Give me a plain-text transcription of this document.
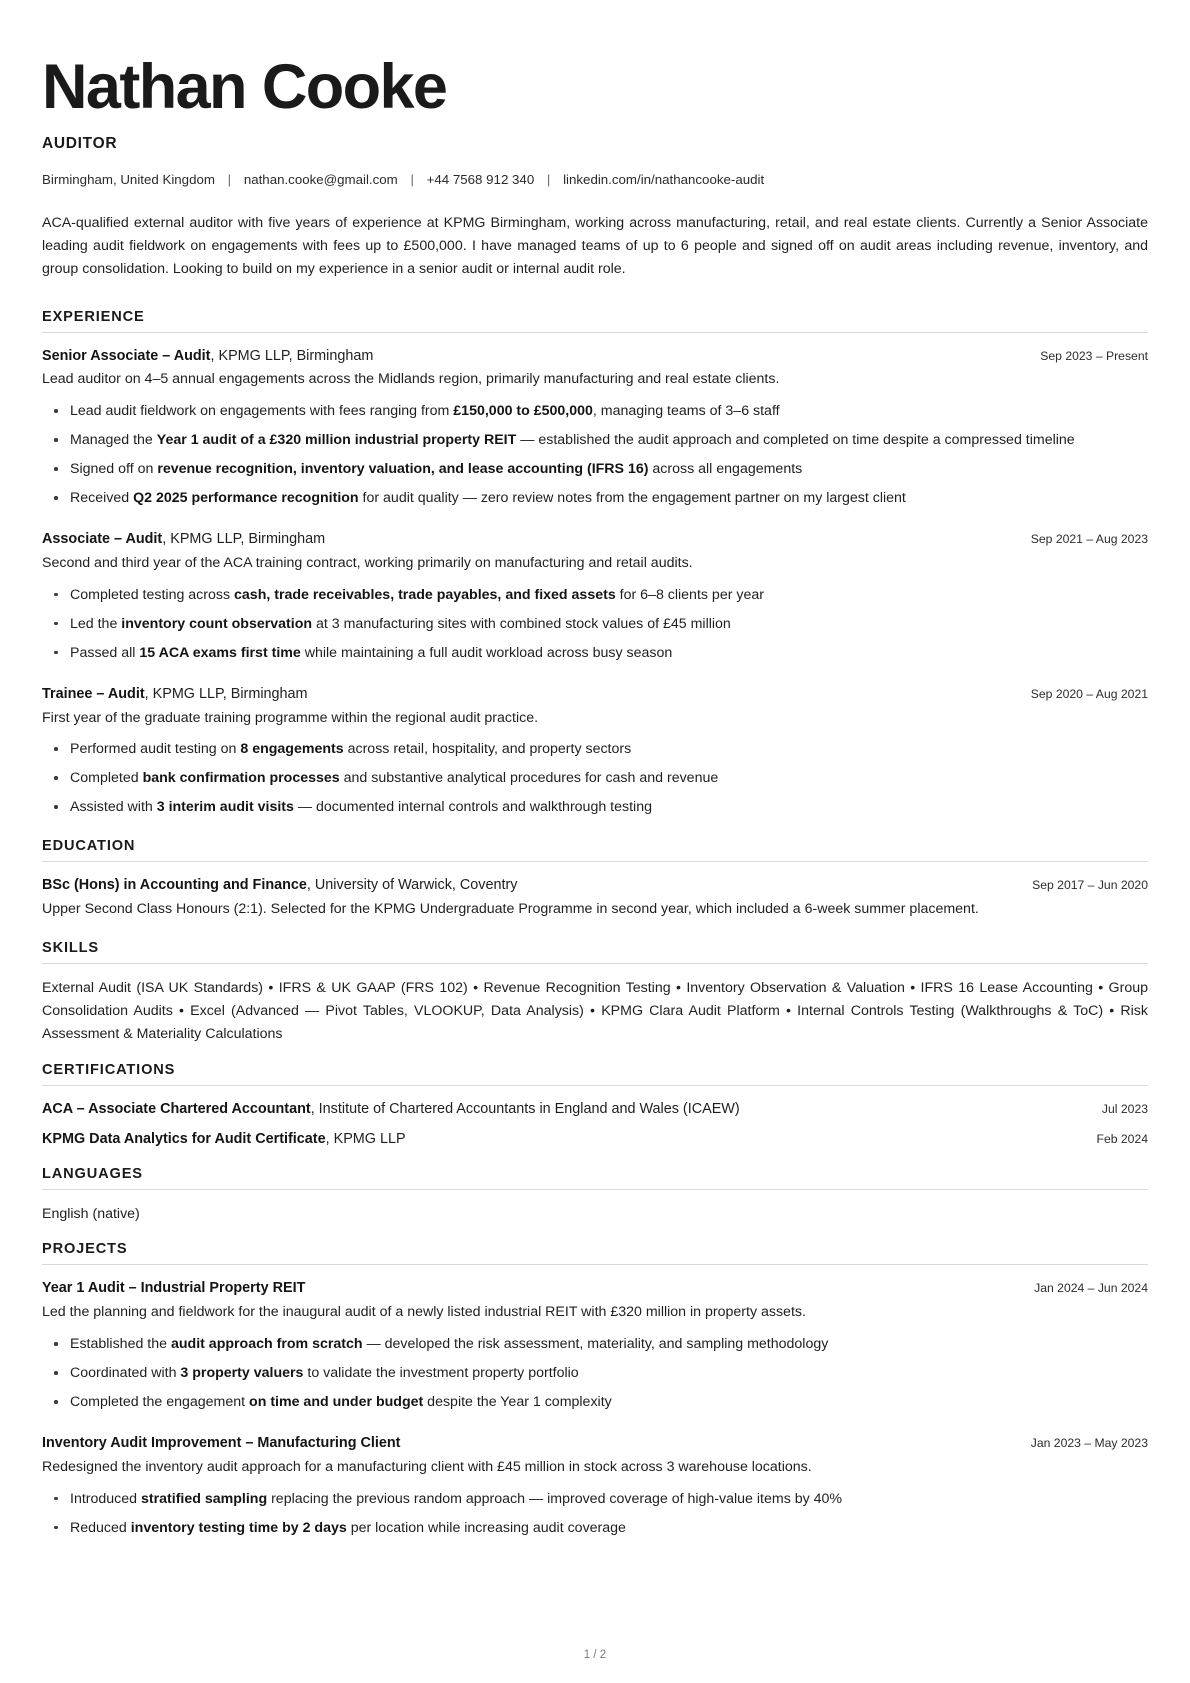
Nathan Cooke
AUDITOR
Birmingham, United Kingdom | nathan.cooke@gmail.com | +44 7568 912 340 | linkedin.com/in/nathancooke-audit

ACA-qualified external auditor with five years of experience at KPMG Birmingham, working across manufacturing, retail, and real estate clients. Currently a Senior Associate leading audit fieldwork on engagements with fees up to £500,000. I have managed teams of up to 6 people and signed off on audit areas including revenue, inventory, and group consolidation. Looking to build on my experience in a senior audit or internal audit role.

EXPERIENCE
Senior Associate – Audit, KPMG LLP, Birmingham	Sep 2023 – Present
Lead auditor on 4–5 annual engagements across the Midlands region, primarily manufacturing and real estate clients.
Lead audit fieldwork on engagements with fees ranging from £150,000 to £500,000, managing teams of 3–6 staff
Managed the Year 1 audit of a £320 million industrial property REIT — established the audit approach and completed on time despite a compressed timeline
Signed off on revenue recognition, inventory valuation, and lease accounting (IFRS 16) across all engagements
Received Q2 2025 performance recognition for audit quality — zero review notes from the engagement partner on my largest client
Associate – Audit, KPMG LLP, Birmingham	Sep 2021 – Aug 2023
Second and third year of the ACA training contract, working primarily on manufacturing and retail audits.
Completed testing across cash, trade receivables, trade payables, and fixed assets for 6–8 clients per year
Led the inventory count observation at 3 manufacturing sites with combined stock values of £45 million
Passed all 15 ACA exams first time while maintaining a full audit workload across busy season
Trainee – Audit, KPMG LLP, Birmingham	Sep 2020 – Aug 2021
First year of the graduate training programme within the regional audit practice.
Performed audit testing on 8 engagements across retail, hospitality, and property sectors
Completed bank confirmation processes and substantive analytical procedures for cash and revenue
Assisted with 3 interim audit visits — documented internal controls and walkthrough testing
EDUCATION
BSc (Hons) in Accounting and Finance, University of Warwick, Coventry	Sep 2017 – Jun 2020
Upper Second Class Honours (2:1). Selected for the KPMG Undergraduate Programme in second year, which included a 6-week summer placement.
SKILLS
External Audit (ISA UK Standards) • IFRS & UK GAAP (FRS 102) • Revenue Recognition Testing • Inventory Observation & Valuation • IFRS 16 Lease Accounting • Group Consolidation Audits • Excel (Advanced — Pivot Tables, VLOOKUP, Data Analysis) • KPMG Clara Audit Platform • Internal Controls Testing (Walkthroughs & ToC) • Risk Assessment & Materiality Calculations
CERTIFICATIONS
ACA – Associate Chartered Accountant, Institute of Chartered Accountants in England and Wales (ICAEW)	Jul 2023
KPMG Data Analytics for Audit Certificate, KPMG LLP	Feb 2024
LANGUAGES
English (native)
PROJECTS
Year 1 Audit – Industrial Property REIT	Jan 2024 – Jun 2024
Led the planning and fieldwork for the inaugural audit of a newly listed industrial REIT with £320 million in property assets.
Established the audit approach from scratch — developed the risk assessment, materiality, and sampling methodology
Coordinated with 3 property valuers to validate the investment property portfolio
Completed the engagement on time and under budget despite the Year 1 complexity
Inventory Audit Improvement – Manufacturing Client	Jan 2023 – May 2023
Redesigned the inventory audit approach for a manufacturing client with £45 million in stock across 3 warehouse locations.
Introduced stratified sampling replacing the previous random approach — improved coverage of high-value items by 40%
Reduced inventory testing time by 2 days per location while increasing audit coverage
1 / 2
